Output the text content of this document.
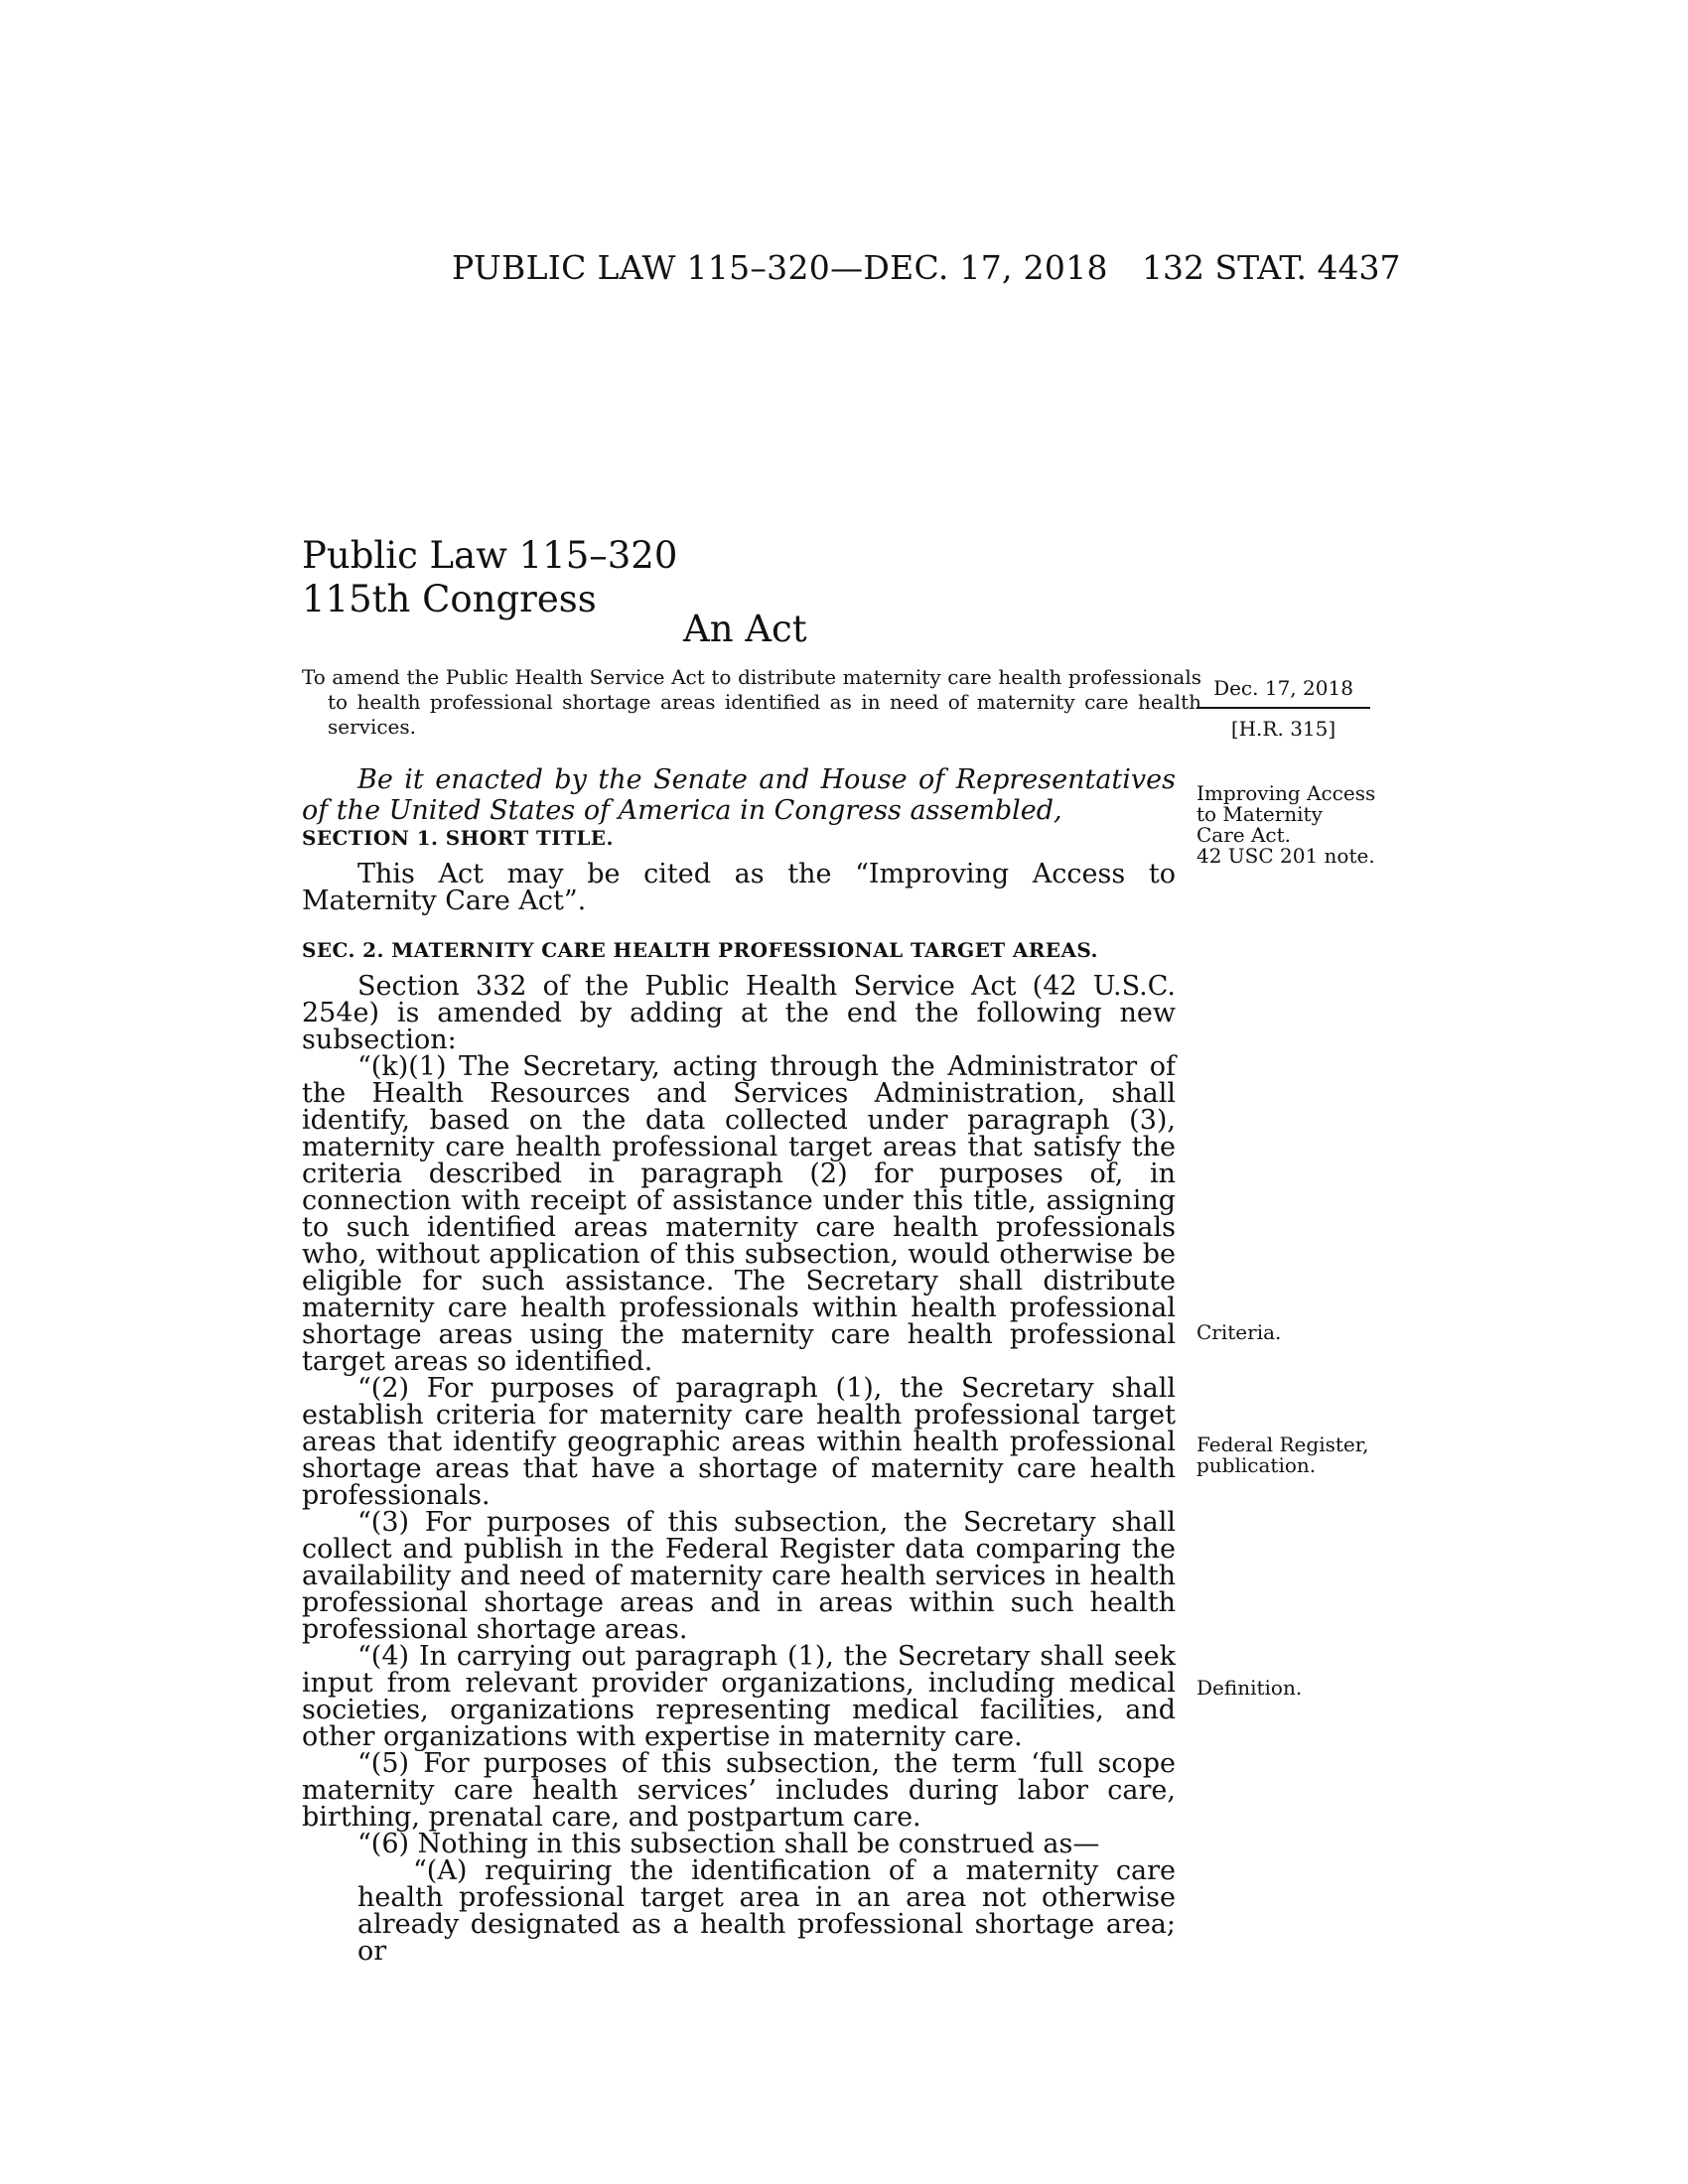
PUBLIC LAW 115–320—DEC. 17, 2018 132 STAT. 4437
Public Law 115–320
115th Congress
An Act
To amend the Public Health Service Act to distribute maternity care health professionals to health professional shortage areas identified as in need of maternity care health services.
Dec. 17, 2018
[H.R. 315]
Be it enacted by the Senate and House of Representatives of the United States of America in Congress assembled,
Improving Access
to Maternity
Care Act.
42 USC 201 note.
SECTION 1. SHORT TITLE.
This Act may be cited as the “Improving Access to Maternity Care Act”.
SEC. 2. MATERNITY CARE HEALTH PROFESSIONAL TARGET AREAS.

Section 332 of the Public Health Service Act (42 U.S.C. 254e) is amended by adding at the end the following new subsection:

“(k)(1) The Secretary, acting through the Administrator of the Health Resources and Services Administration, shall identify, based on the data collected under paragraph (3), maternity care health professional target areas that satisfy the criteria described in paragraph (2) for purposes of, in connection with receipt of assistance under this title, assigning to such identified areas maternity care health professionals who, without application of this subsection, would otherwise be eligible for such assistance. The Secretary shall distribute maternity care health professionals within health professional shortage areas using the maternity care health professional target areas so identified.

“(2) For purposes of paragraph (1), the Secretary shall establish criteria for maternity care health professional target areas that identify geographic areas within health professional shortage areas that have a shortage of maternity care health professionals.

“(3) For purposes of this subsection, the Secretary shall collect and publish in the Federal Register data comparing the availability and need of maternity care health services in health professional shortage areas and in areas within such health professional shortage areas.

“(4) In carrying out paragraph (1), the Secretary shall seek input from relevant provider organizations, including medical societies, organizations representing medical facilities, and other organizations with expertise in maternity care.

“(5) For purposes of this subsection, the term ‘full scope maternity care health services’ includes during labor care, birthing, prenatal care, and postpartum care.

“(6) Nothing in this subsection shall be construed as—

“(A) requiring the identification of a maternity care health professional target area in an area not otherwise already designated as a health professional shortage area; or

Criteria.
Federal Register,
publication.
Definition.
